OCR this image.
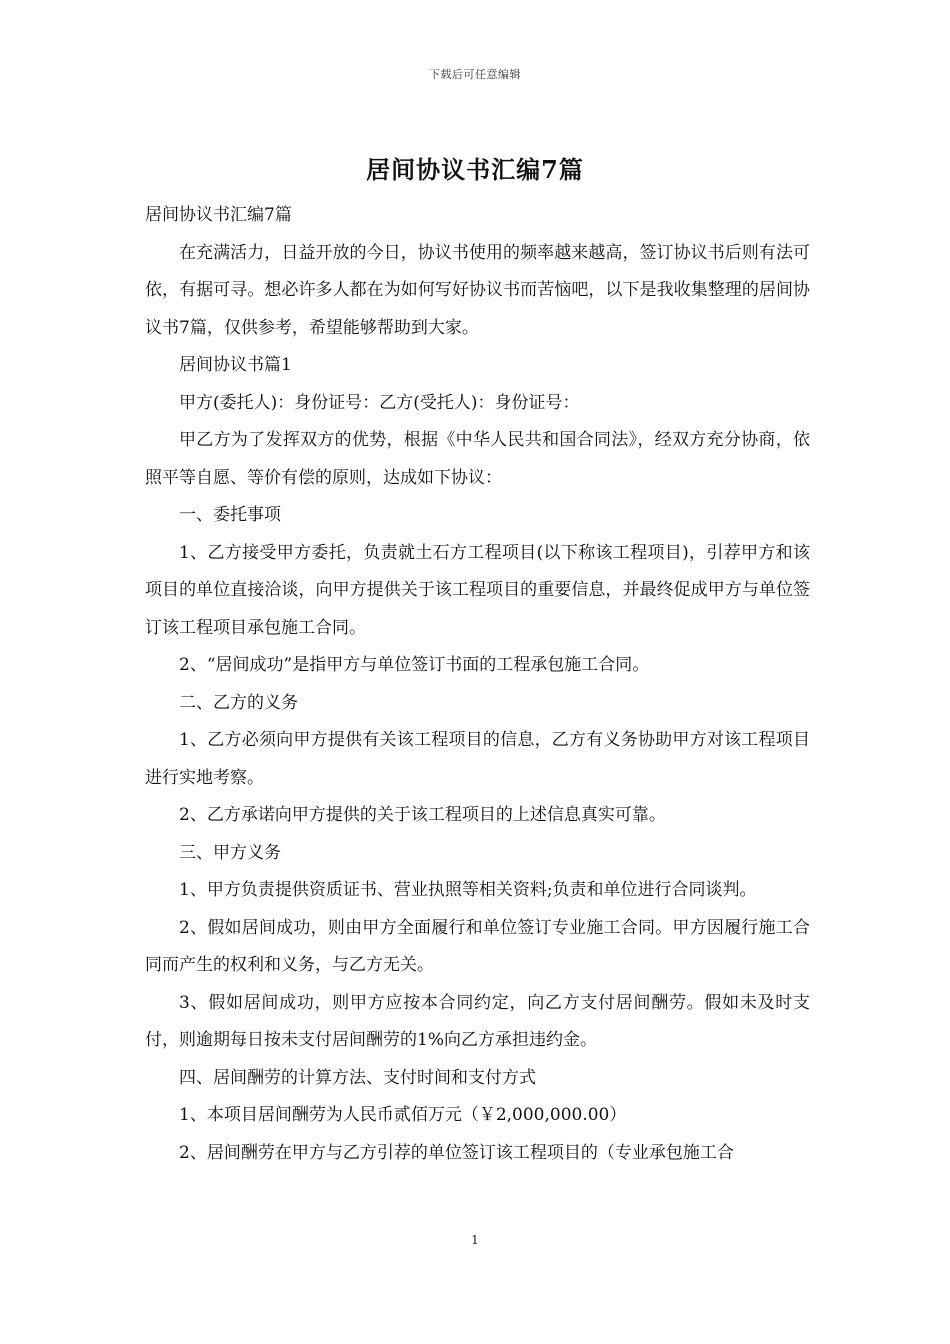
下载后可任意编辑
居间协议书汇编7篇

居间协议书汇编7篇

在充满活力，日益开放的今日，协议书使用的频率越来越高，签订协议书后则有法可依，有据可寻。想必许多人都在为如何写好协议书而苦恼吧，以下是我收集整理的居间协议书7篇，仅供参考，希望能够帮助到大家。

居间协议书篇1

甲方(委托人)：身份证号：乙方(受托人)：身份证号：

甲乙方为了发挥双方的优势，根据《中华人民共和国合同法》，经双方充分协商，依照平等自愿、等价有偿的原则，达成如下协议：

一、委托事项

1、乙方接受甲方委托，负责就土石方工程项目(以下称该工程项目)，引荐甲方和该项目的单位直接洽谈，向甲方提供关于该工程项目的重要信息，并最终促成甲方与单位签订该工程项目承包施工合同。

2、“居间成功”是指甲方与单位签订书面的工程承包施工合同。

二、乙方的义务

1、乙方必须向甲方提供有关该工程项目的信息，乙方有义务协助甲方对该工程项目进行实地考察。

2、乙方承诺向甲方提供的关于该工程项目的上述信息真实可靠。

三、甲方义务

1、甲方负责提供资质证书、营业执照等相关资料;负责和单位进行合同谈判。

2、假如居间成功，则由甲方全面履行和单位签订专业施工合同。甲方因履行施工合同而产生的权利和义务，与乙方无关。

3、假如居间成功，则甲方应按本合同约定，向乙方支付居间酬劳。假如未及时支付，则逾期每日按未支付居间酬劳的1%向乙方承担违约金。

四、居间酬劳的计算方法、支付时间和支付方式

1、本项目居间酬劳为人民币贰佰万元（￥2,000,000.00）

2、居间酬劳在甲方与乙方引荐的单位签订该工程项目的（专业承包施工合

1
